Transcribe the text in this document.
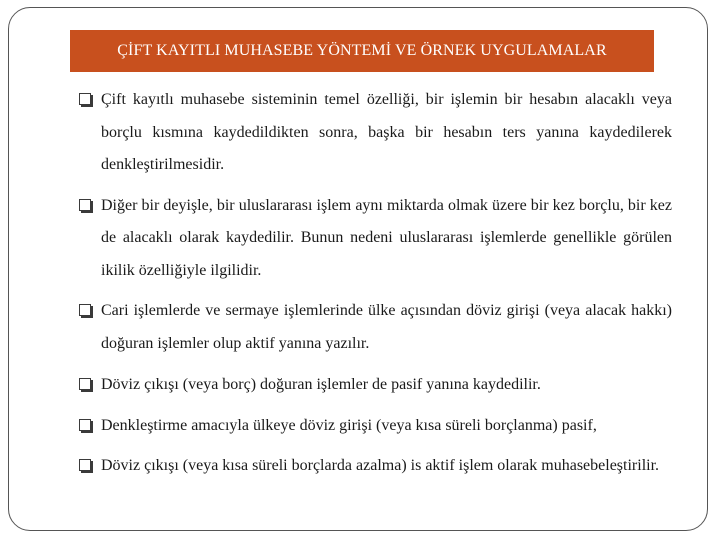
ÇİFT KAYITLI MUHASEBE YÖNTEMİ VE ÖRNEK UYGULAMALAR
Çift kayıtlı muhasebe sisteminin temel özelliği, bir işlemin bir hesabın alacaklı veya borçlu kısmına kaydedildikten sonra, başka bir hesabın ters yanına kaydedilerek denkleştirilmesidir.
Diğer bir deyişle, bir uluslararası işlem aynı miktarda olmak üzere bir kez borçlu, bir kez de alacaklı olarak kaydedilir. Bunun nedeni uluslararası işlemlerde genellikle görülen ikilik özelliğiyle ilgilidir.
Cari işlemlerde ve sermaye işlemlerinde ülke açısından döviz girişi (veya alacak hakkı) doğuran işlemler olup aktif yanına yazılır.
Döviz çıkışı (veya borç) doğuran işlemler de pasif yanına kaydedilir.
Denkleştirme amacıyla ülkeye döviz girişi (veya kısa süreli borçlanma) pasif,
Döviz çıkışı (veya kısa süreli borçlarda azalma) is aktif işlem olarak muhasebeleştirilir.
